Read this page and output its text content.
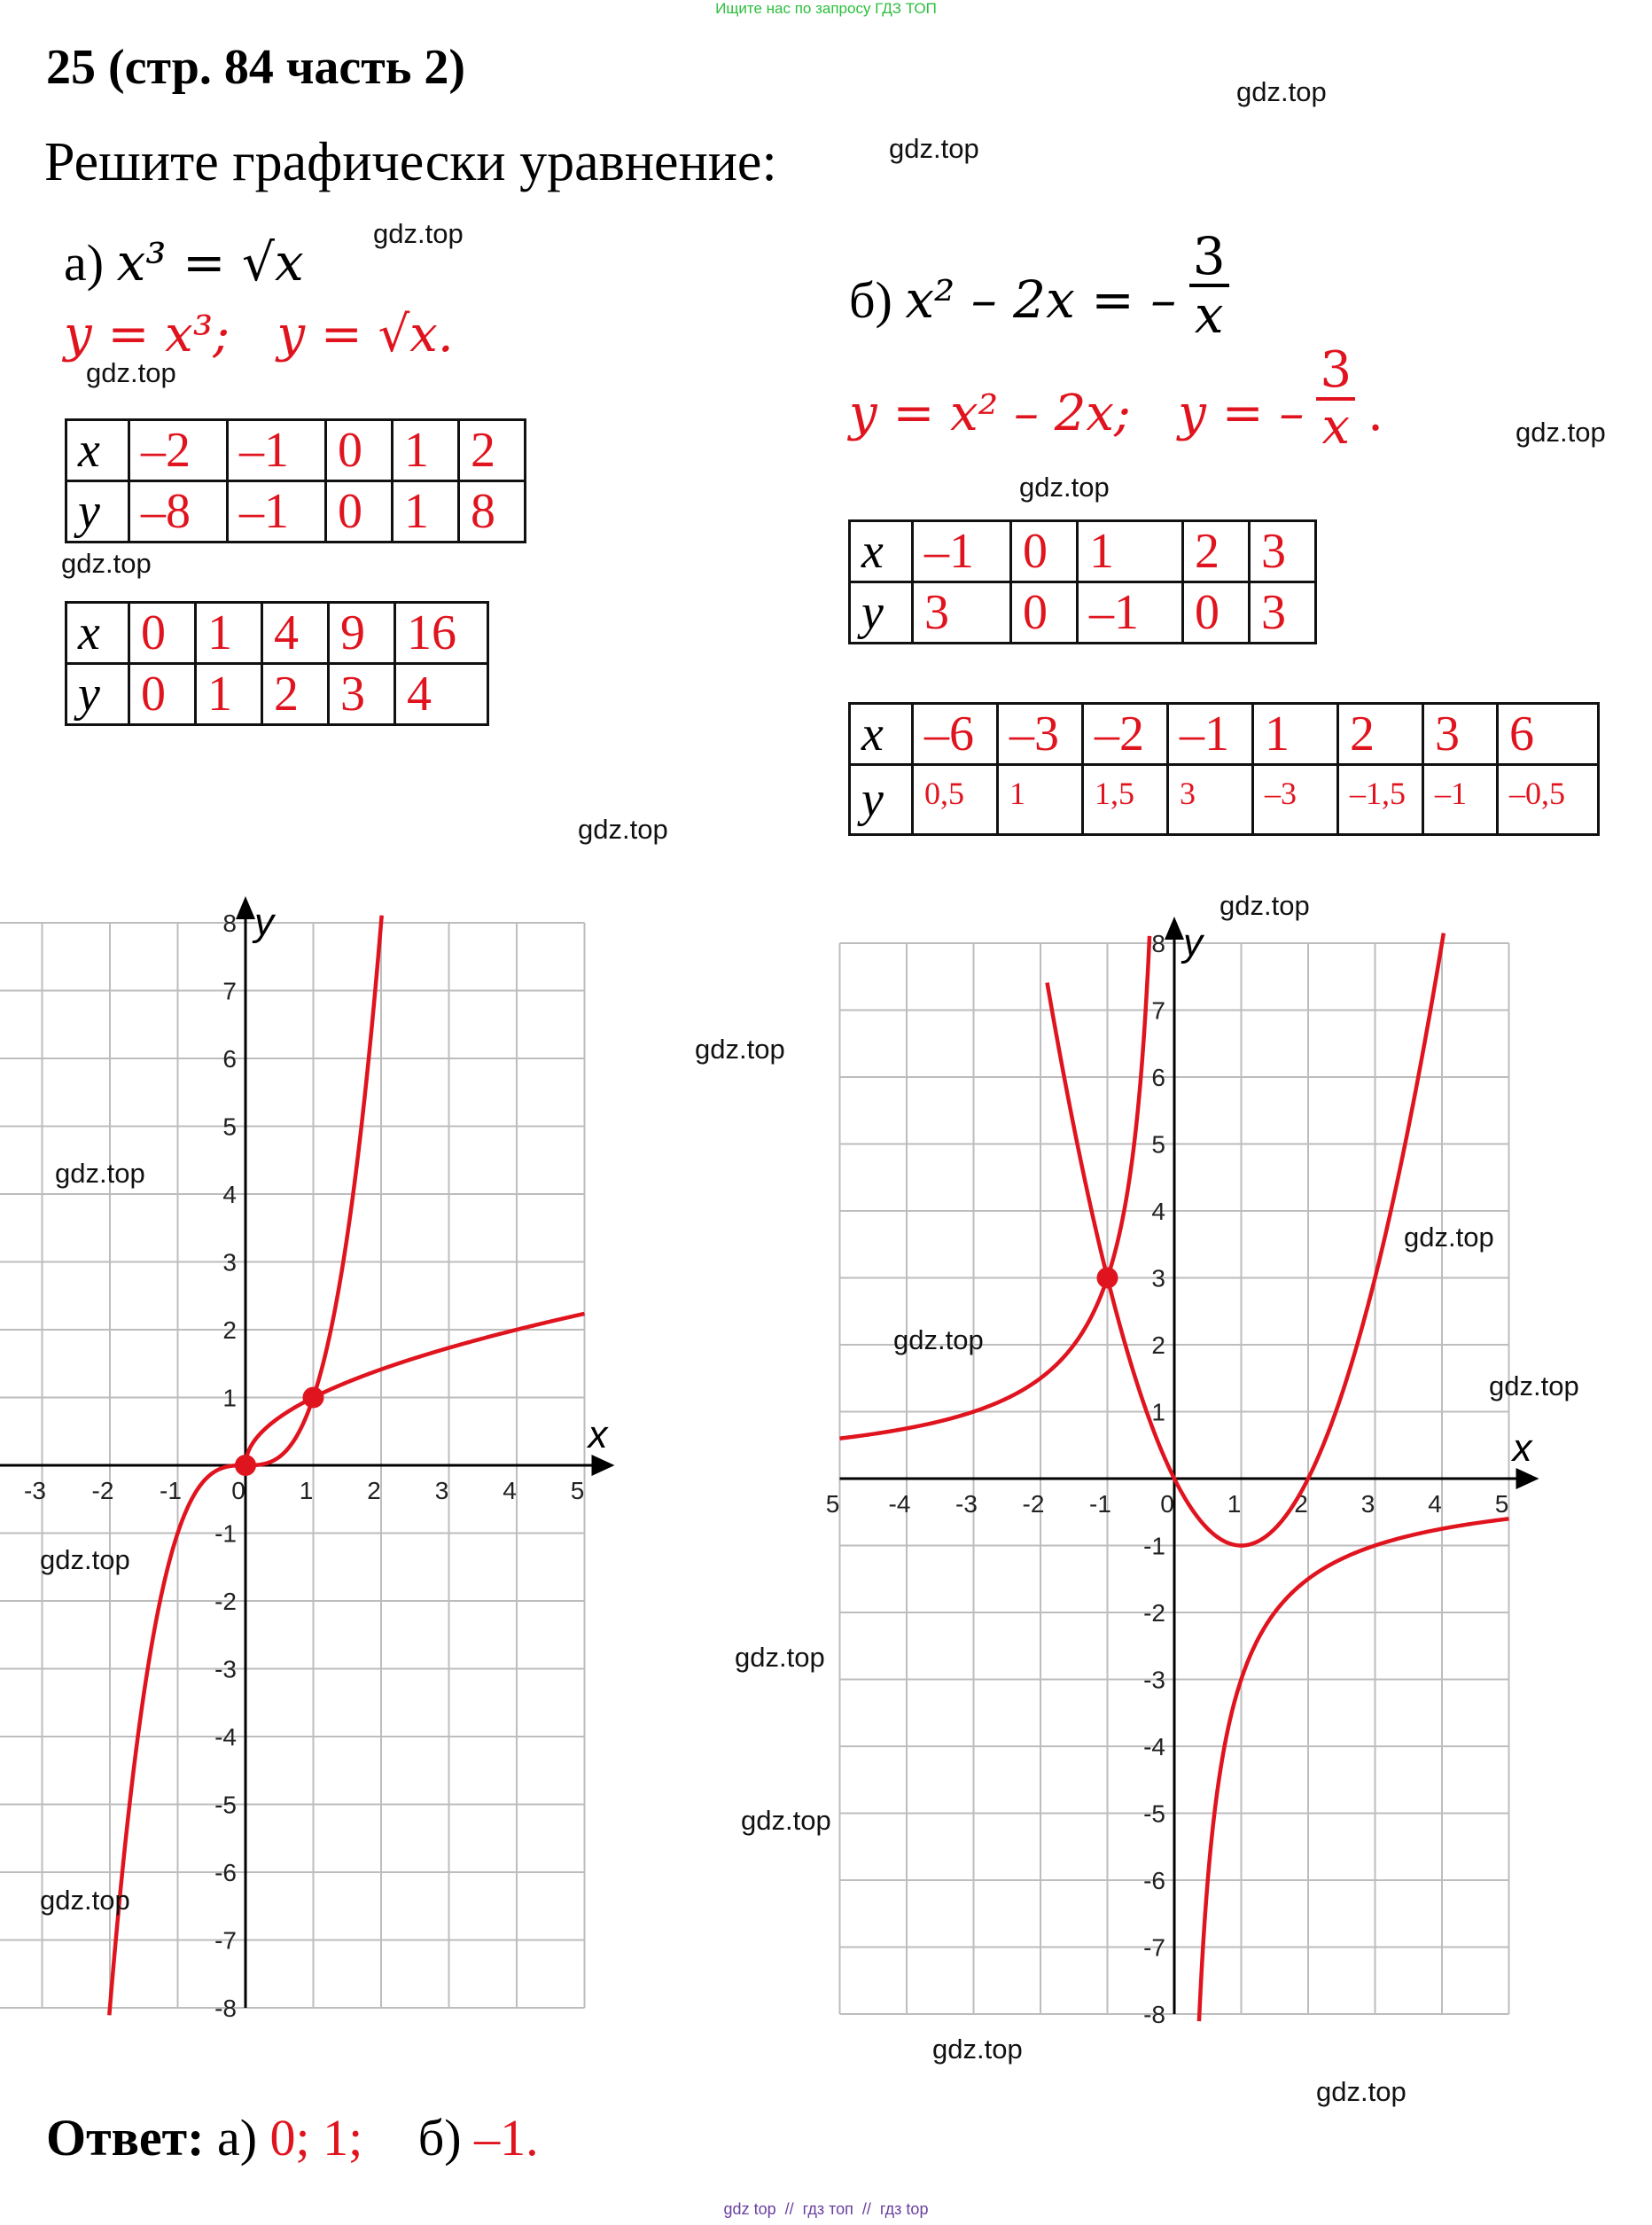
Ищите нас по запросу ГДЗ ТОП
25 (стр. 84 часть 2)
Решите графически уравнение:
а) x³ = √x
y = x³;   y = √x.
x	–2	–1	0	1	2
y	–8	–1	0	1	8
x	0	1	4	9	16
y	0	1	2	3	4
б) x² – 2x = – $\frac{3}{x}$
y = x² – 2x;   y = – $\frac{3}{x}$ .
x	–1	0	1	2	3
y	3	0	–1	0	3
x	–6	–3	–2	–1	1	2	3	6
y	0,5	1	1,5	3	–3	–1,5	–1	–0,5
-3 -2 -1 0 1 2 3 4 5
8
7
6
5
4
3
2
1
-1
-2
-3
-4
-5
-6
-7
-8
x
y
5 -4 -3 -2 -1 0 1 2 3 4 5
8
7
6
5
4
3
2
1
-1
-2
-3
-4
-5
-6
-7
-8
x
y
Ответ: а) 0; 1; б) –1.
gdz.top
gdz.top
gdz.top
gdz.top
gdz.top
gdz.top
gdz.top
gdz.top
gdz.top
gdz.top
gdz.top
gdz.top
gdz.top
gdz.top
gdz.top
gdz.top
gdz.top
gdz.top
gdz.top
gdz.top
gdz top  //  гдз топ  //  гдз top
